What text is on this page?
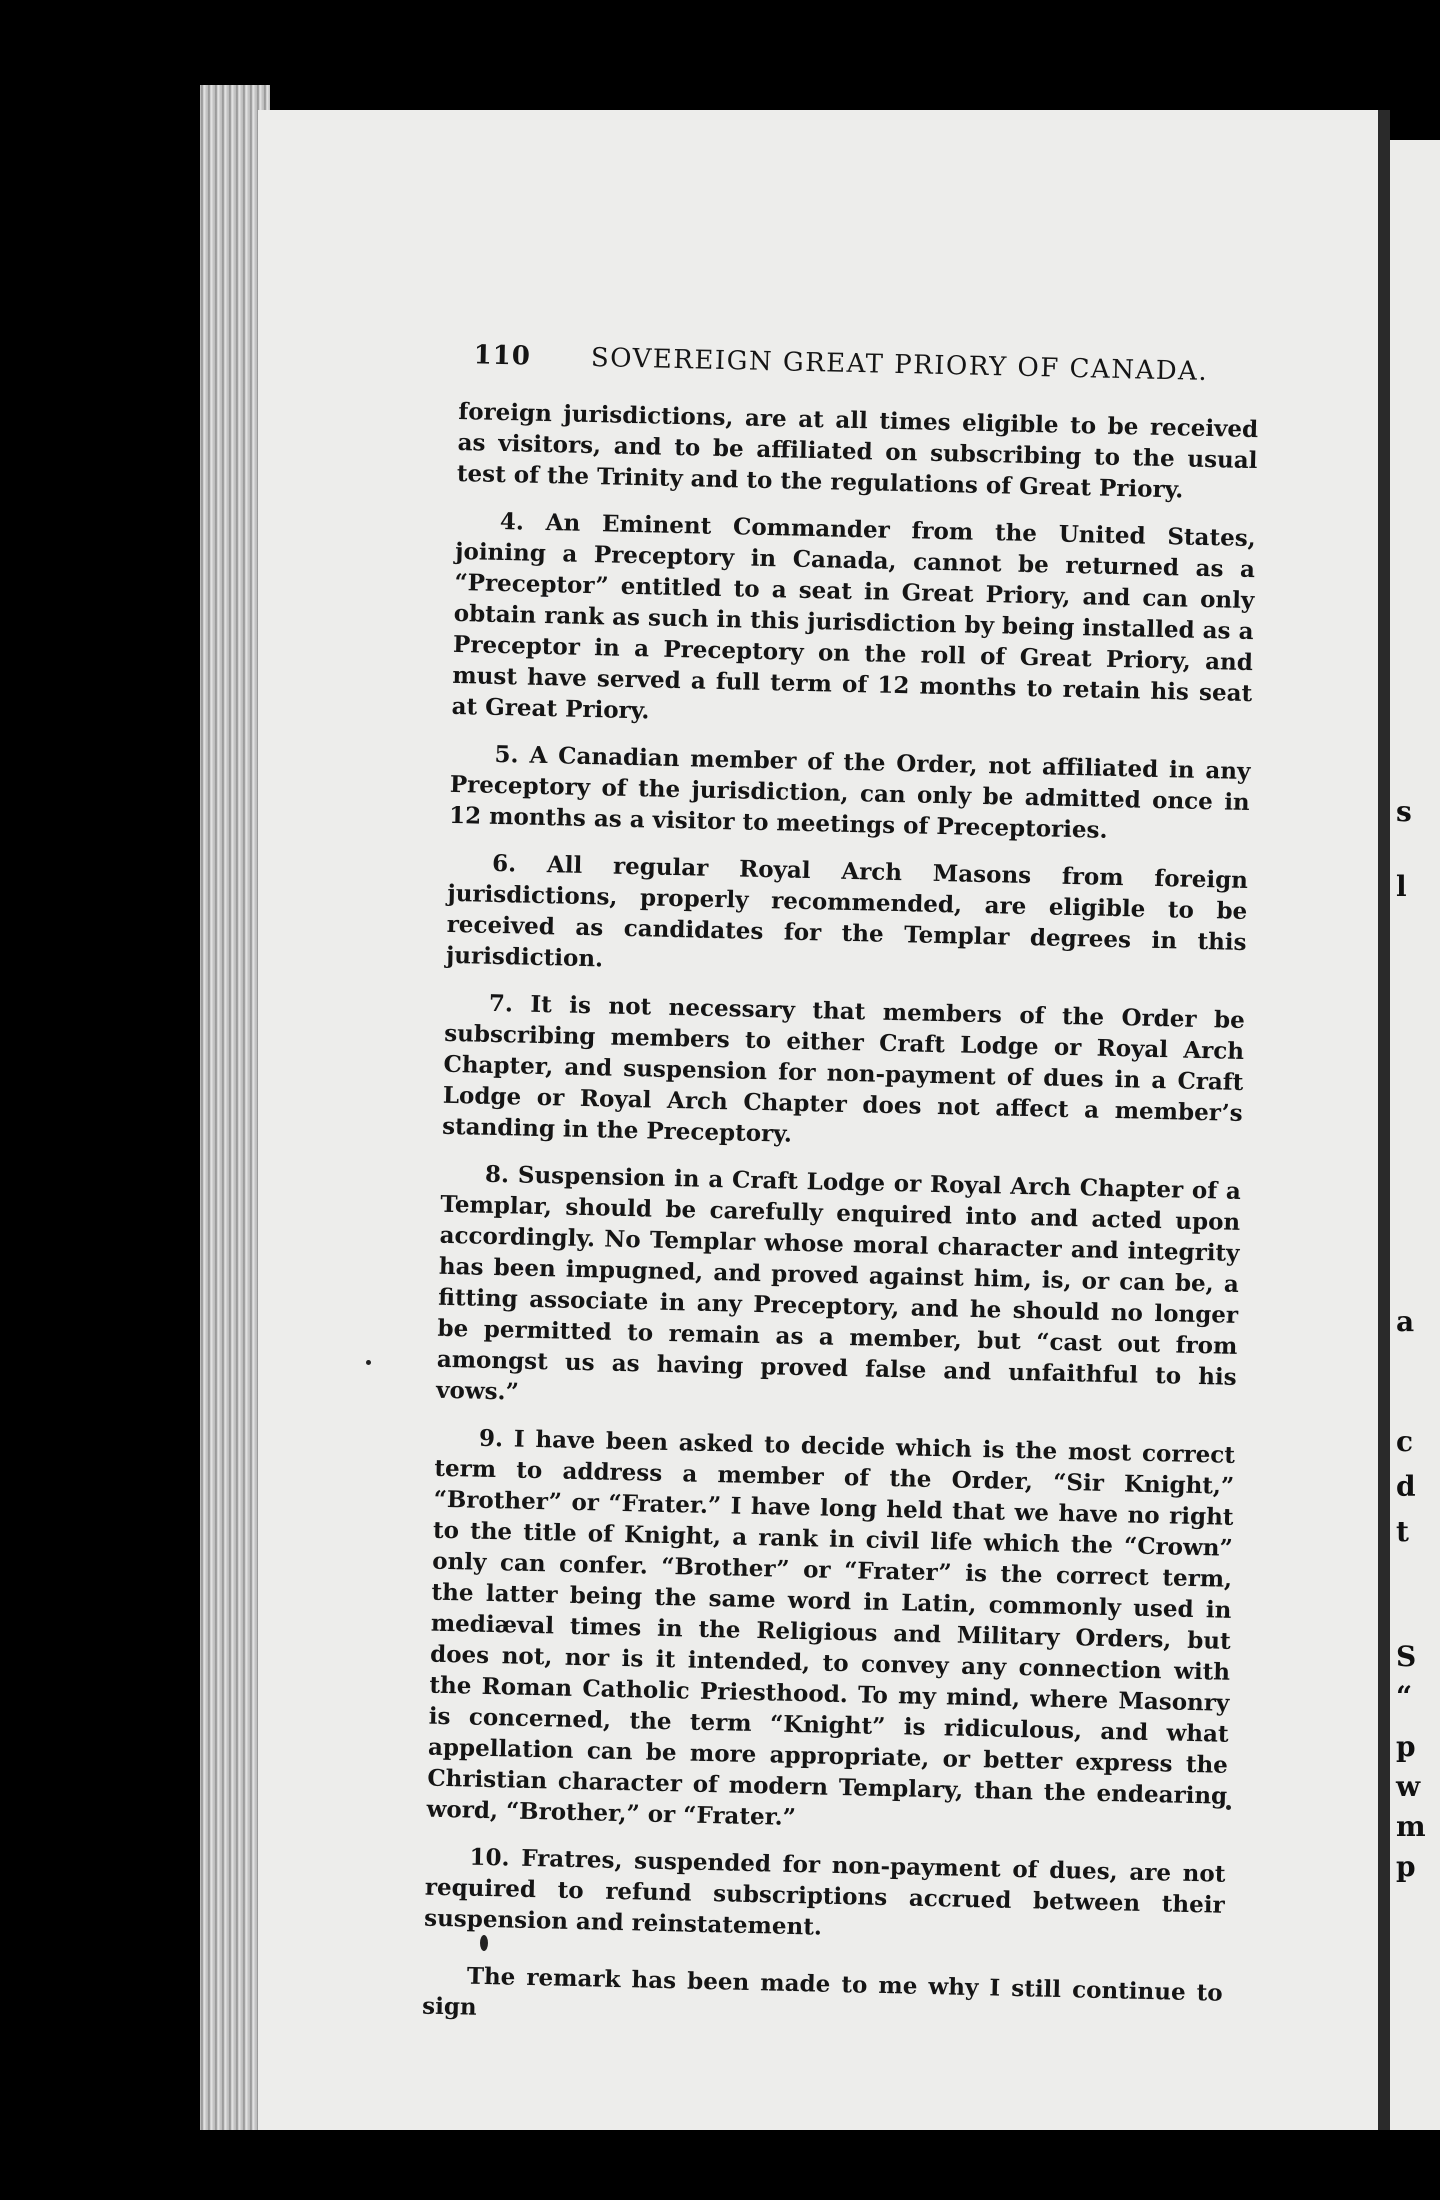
s
l
a
c
d
t
S
“
p
w
m
p
110 SOVEREIGN GREAT PRIORY OF CANADA.

foreign jurisdictions, are at all times eligible to be received as visitors, and to be affiliated on subscribing to the usual test of the Trinity and to the regulations of Great Priory.

4. An Eminent Commander from the United States, joining a Preceptory in Canada, cannot be returned as a “Preceptor” entitled to a seat in Great Priory, and can only obtain rank as such in this jurisdiction by being installed as a Preceptor in a Preceptory on the roll of Great Priory, and must have served a full term of 12 months to retain his seat at Great Priory.

5. A Canadian member of the Order, not affiliated in any Preceptory of the jurisdiction, can only be admitted once in 12 months as a visitor to meetings of Preceptories.

6. All regular Royal Arch Masons from foreign jurisdictions, properly recommended, are eligible to be received as candidates for the Templar degrees in this jurisdiction.

7. It is not necessary that members of the Order be subscribing members to either Craft Lodge or Royal Arch Chapter, and suspension for non-payment of dues in a Craft Lodge or Royal Arch Chapter does not affect a member’s standing in the Preceptory.

8. Suspension in a Craft Lodge or Royal Arch Chapter of a Templar, should be carefully enquired into and acted upon accordingly. No Templar whose moral character and integrity has been impugned, and proved against him, is, or can be, a fitting associate in any Preceptory, and he should no longer be permitted to remain as a member, but “cast out from amongst us as having proved false and unfaithful to his vows.”

9. I have been asked to decide which is the most correct term to address a member of the Order, “Sir Knight,” “Brother” or “Frater.” I have long held that we have no right to the title of Knight, a rank in civil life which the “Crown” only can confer. “Brother” or “Frater” is the correct term, the latter being the same word in Latin, commonly used in mediæval times in the Religious and Military Orders, but does not, nor is it intended, to convey any connection with the Roman Catholic Priesthood. To my mind, where Masonry is concerned, the term “Knight” is ridiculous, and what appellation can be more appropriate, or better express the Christian character of modern Templary, than the endearing word, “Brother,” or “Frater.”

10. Fratres, suspended for non-payment of dues, are not required to refund subscriptions accrued between their suspension and reinstatement.

The remark has been made to me why I still continue to sign
